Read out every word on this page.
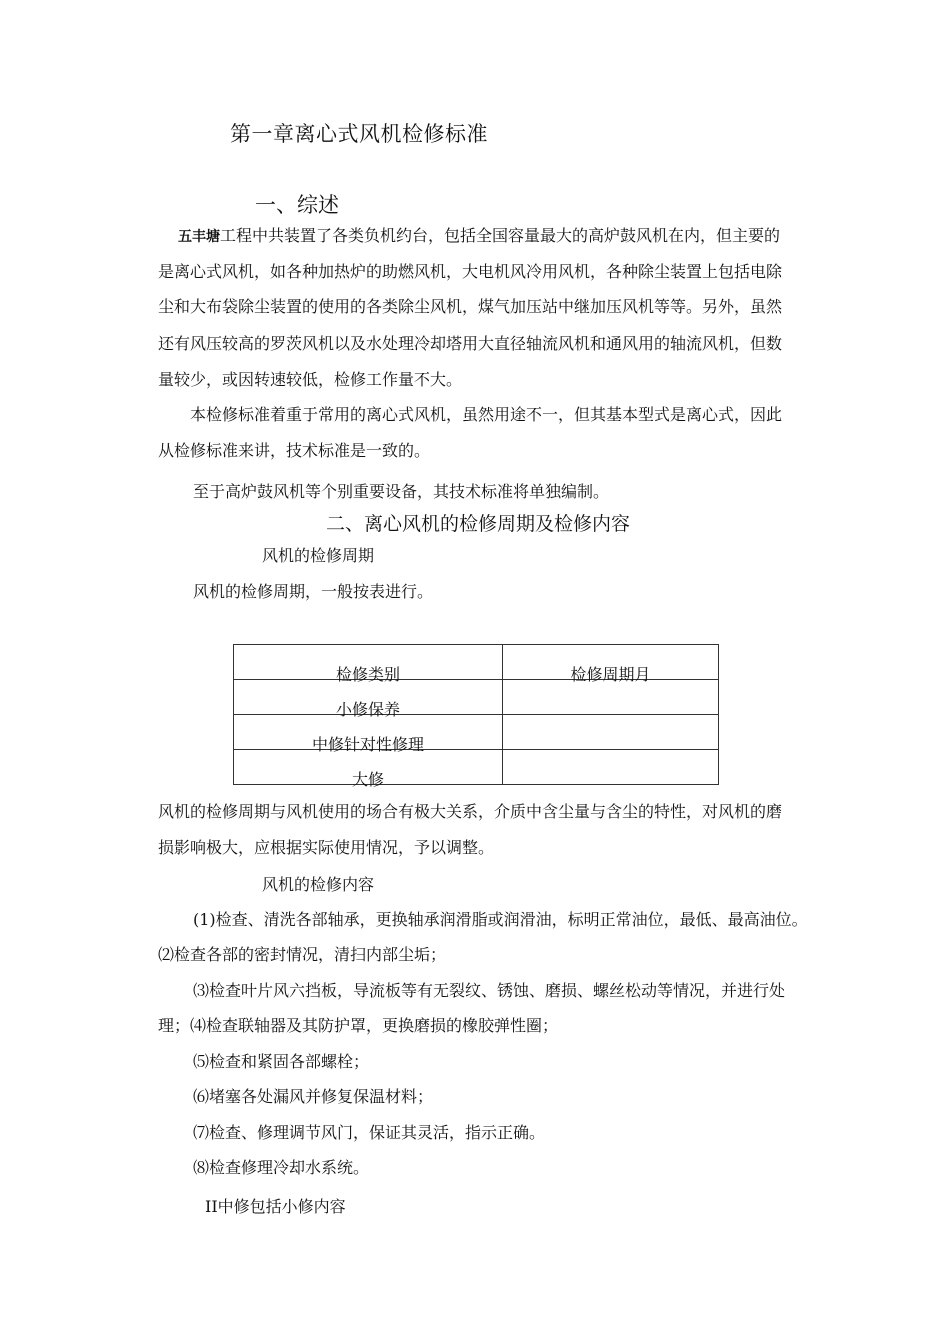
第一章离心式风机检修标准
一、综述
五丰塘工程中共装置了各类负机约台，包括全国容量最大的高炉鼓风机在内，但主要的
是离心式风机，如各种加热炉的助燃风机，大电机风冷用风机，各种除尘装置上包括电除
尘和大布袋除尘装置的使用的各类除尘风机，煤气加压站中继加压风机等等。另外，虽然
还有风压较高的罗茨风机以及水处理冷却塔用大直径轴流风机和通风用的轴流风机，但数
量较少，或因转速较低，检修工作量不大。
本检修标准着重于常用的离心式风机，虽然用途不一，但其基本型式是离心式，因此
从检修标准来讲，技术标准是一致的。
至于高炉鼓风机等个别重要设备，其技术标准将单独编制。
二、离心风机的检修周期及检修内容
风机的检修周期
风机的检修周期，一般按表进行。
检修类别	检修周期月
小修保养	
中修针对性修理	
大修	
风机的检修周期与风机使用的场合有极大关系，介质中含尘量与含尘的特性，对风机的磨
损影响极大，应根据实际使用情况，予以调整。
风机的检修内容
(1)检查、清洗各部轴承，更换轴承润滑脂或润滑油，标明正常油位，最低、最高油位。
⑵检查各部的密封情况，清扫内部尘垢；
⑶检查叶片风六挡板，导流板等有无裂纹、锈蚀、磨损、螺丝松动等情况，并进行处
理；⑷检查联轴器及其防护罩，更换磨损的橡胶弹性圈；
⑸检查和紧固各部螺栓；
⑹堵塞各处漏风并修复保温材料；
⑺检查、修理调节风门，保证其灵活，指示正确。
⑻检查修理冷却水系统。
II中修包括小修内容
